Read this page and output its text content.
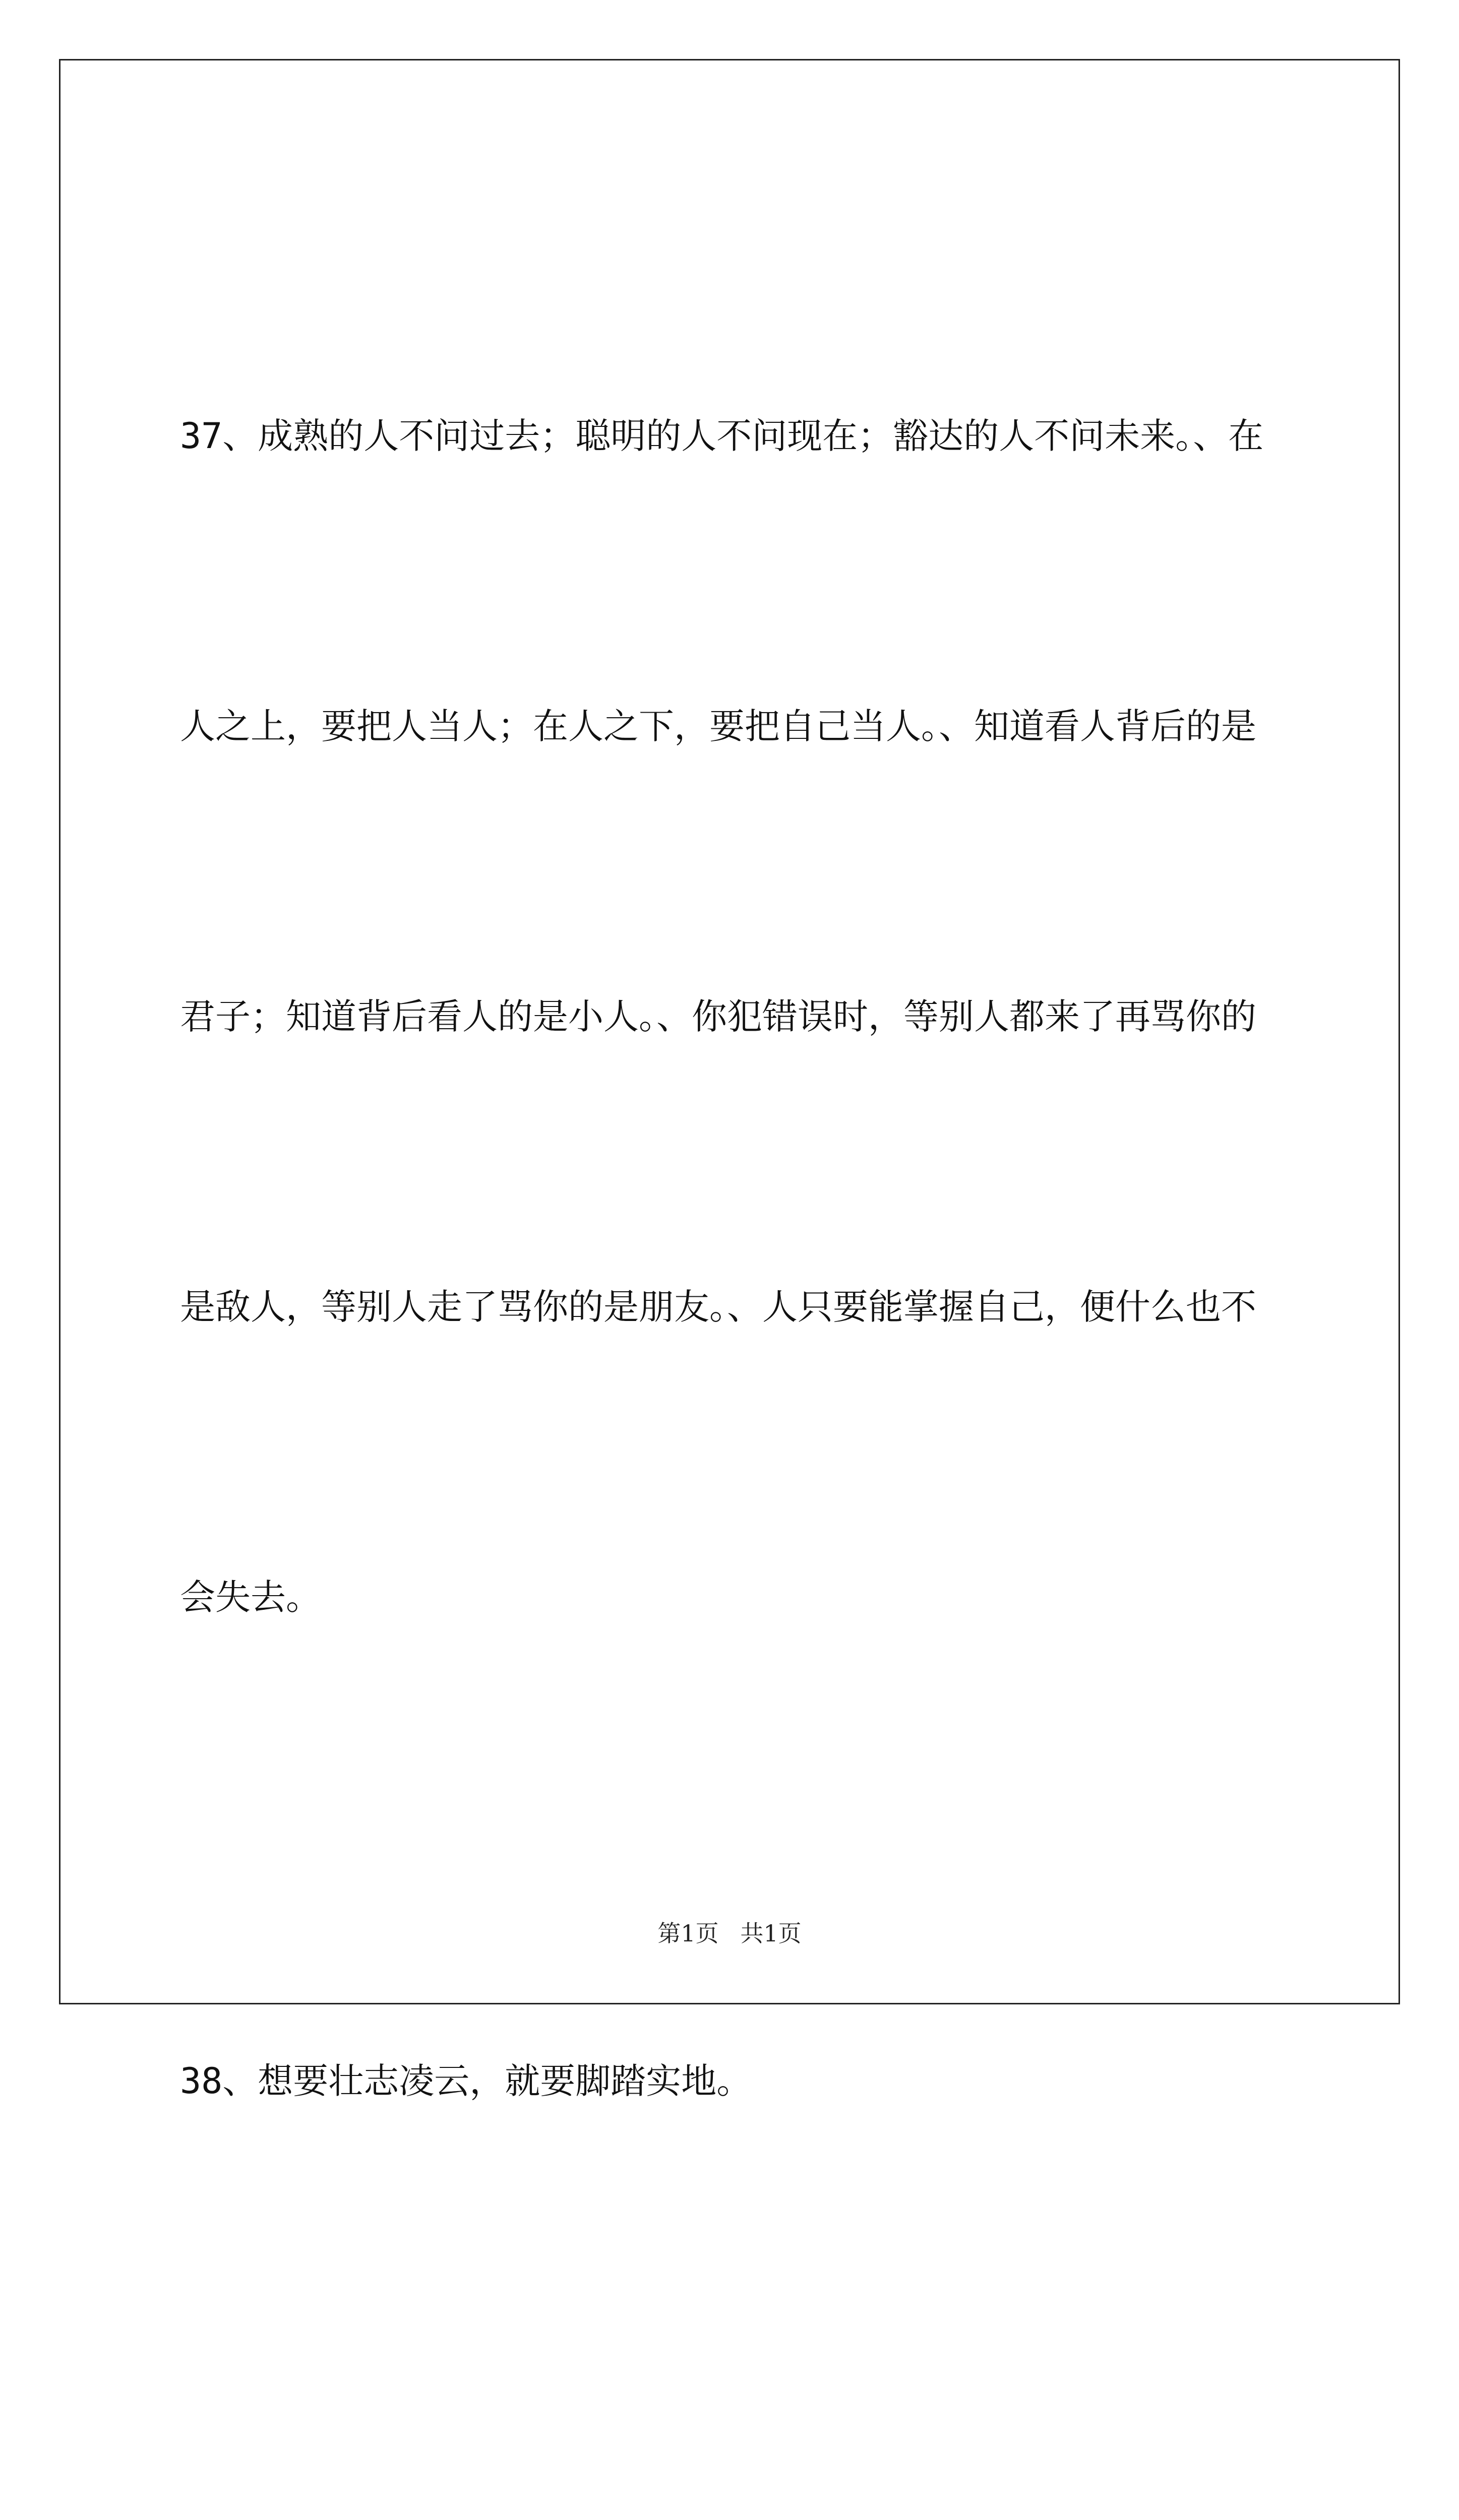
37、成熟的人不问过去；聪明的人不问现在；豁达的人不问未来。、在

人之上，要把人当人；在人之下，要把自己当人。、知道看人背后的是

君子；知道背后看人的是小人。、你犯错误时，等别人都来了再骂你的

是敌人，等别人走了骂你的是朋友。、人只要能掌握自己，便什么也不

会失去。

38、想要壮志凌云，就要脚踏实地。

第1页 共1页
